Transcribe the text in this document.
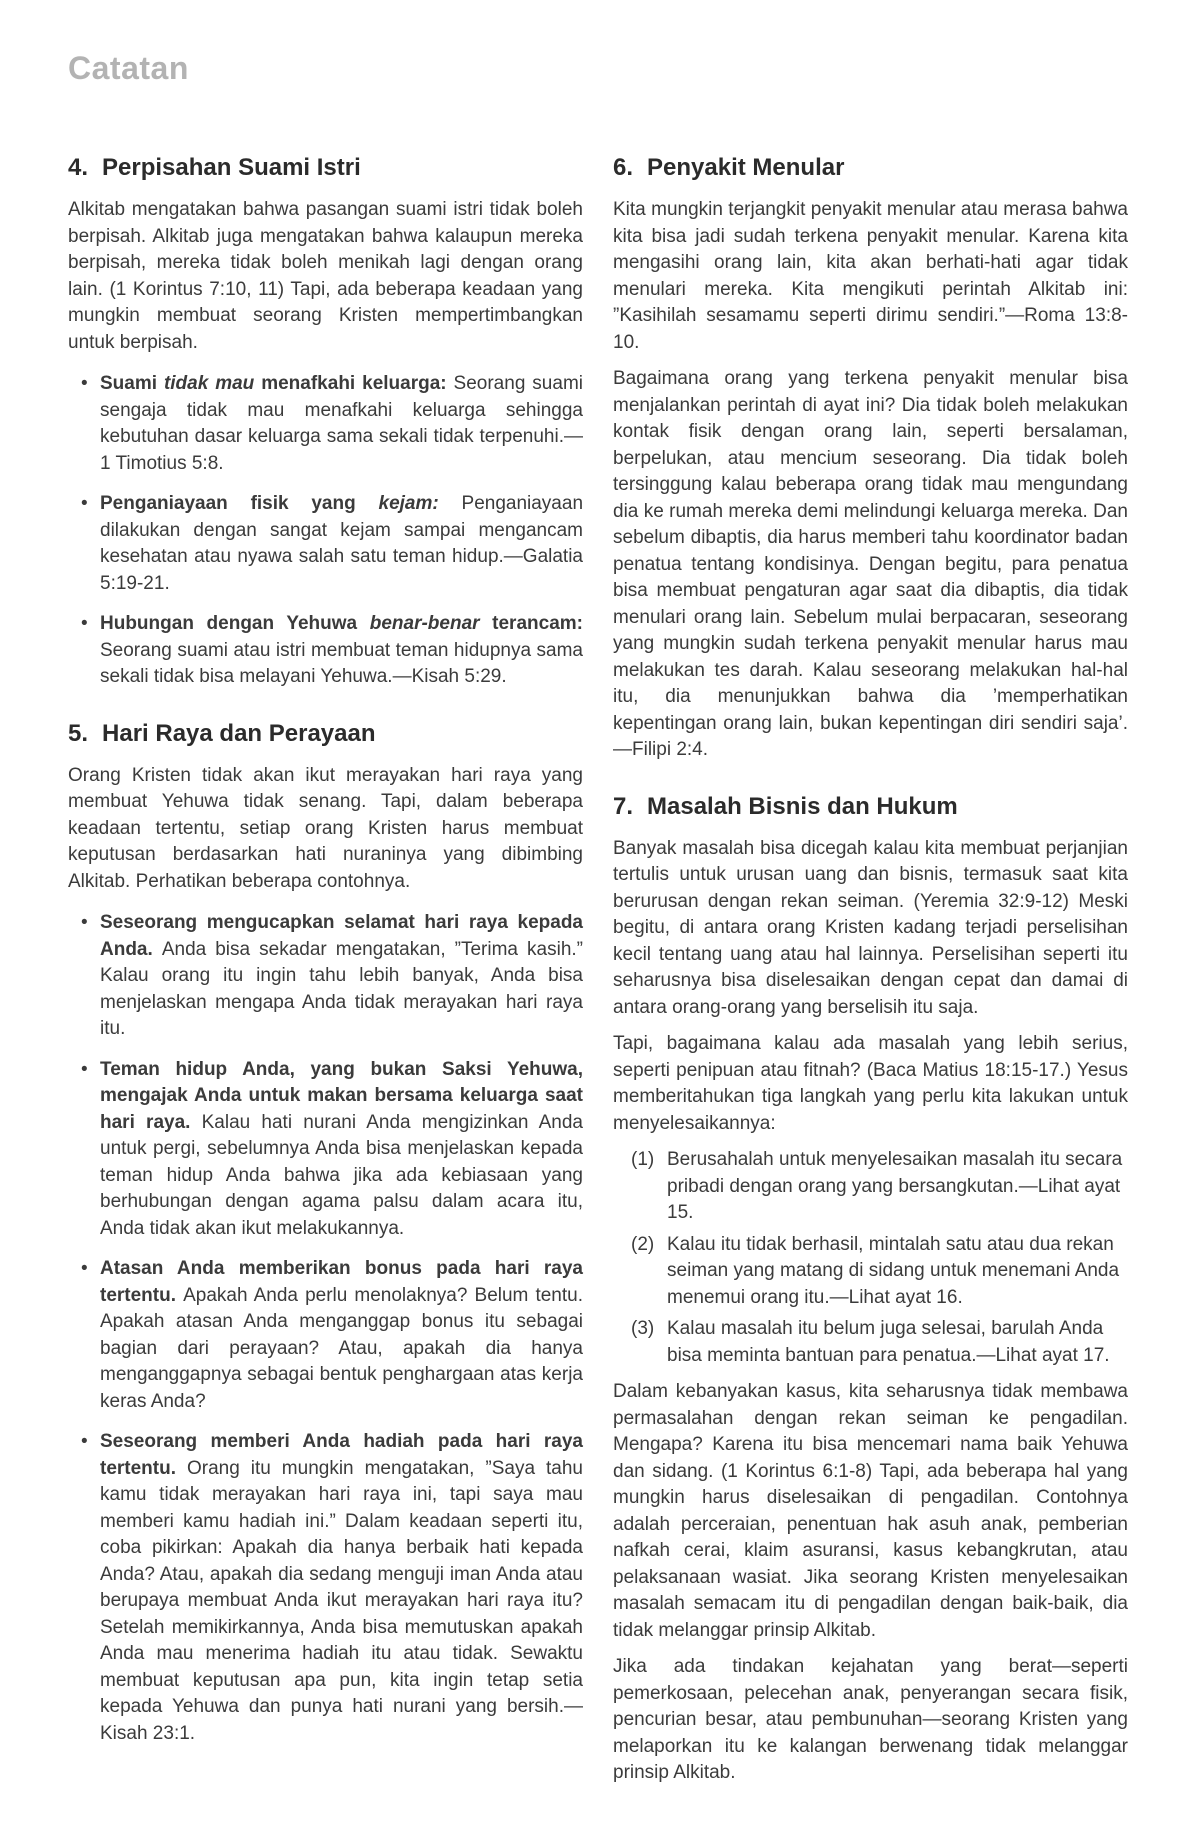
Catatan
4. Perpisahan Suami Istri

Alkitab mengatakan bahwa pasangan suami istri tidak boleh berpisah. Alkitab juga mengatakan bahwa kalaupun mereka berpisah, mereka tidak boleh menikah lagi dengan orang lain. (1 Korintus 7:10, 11) Tapi, ada beberapa keadaan yang mungkin membuat seorang Kristen mempertimbangkan untuk berpisah.

• Suami tidak mau menafkahi keluarga: Seorang suami sengaja tidak mau menafkahi keluarga sehingga kebutuhan dasar keluarga sama sekali tidak terpenuhi.—1 Timotius 5:8.
• Penganiayaan fisik yang kejam: Penganiayaan dilakukan dengan sangat kejam sampai mengancam kesehatan atau nyawa salah satu teman hidup.—Galatia 5:19-21.
• Hubungan dengan Yehuwa benar-benar terancam: Seorang suami atau istri membuat teman hidupnya sama sekali tidak bisa melayani Yehuwa.—Kisah 5:29.
5. Hari Raya dan Perayaan

Orang Kristen tidak akan ikut merayakan hari raya yang membuat Yehuwa tidak senang. Tapi, dalam beberapa keadaan tertentu, setiap orang Kristen harus membuat keputusan berdasarkan hati nuraninya yang dibimbing Alkitab. Perhatikan beberapa contohnya.

• Seseorang mengucapkan selamat hari raya kepada Anda. Anda bisa sekadar mengatakan, ”Terima kasih.” Kalau orang itu ingin tahu lebih banyak, Anda bisa menjelaskan mengapa Anda tidak merayakan hari raya itu.
• Teman hidup Anda, yang bukan Saksi Yehuwa, mengajak Anda untuk makan bersama keluarga saat hari raya. Kalau hati nurani Anda mengizinkan Anda untuk pergi, sebelumnya Anda bisa menjelaskan kepada teman hidup Anda bahwa jika ada kebiasaan yang berhubungan dengan agama palsu dalam acara itu, Anda tidak akan ikut melakukannya.
• Atasan Anda memberikan bonus pada hari raya tertentu. Apakah Anda perlu menolaknya? Belum tentu. Apakah atasan Anda menganggap bonus itu sebagai bagian dari perayaan? Atau, apakah dia hanya menganggapnya sebagai bentuk penghargaan atas kerja keras Anda?
• Seseorang memberi Anda hadiah pada hari raya tertentu. Orang itu mungkin mengatakan, ”Saya tahu kamu tidak merayakan hari raya ini, tapi saya mau memberi kamu hadiah ini.” Dalam keadaan seperti itu, coba pikirkan: Apakah dia hanya berbaik hati kepada Anda? Atau, apakah dia sedang menguji iman Anda atau berupaya membuat Anda ikut merayakan hari raya itu? Setelah memikirkannya, Anda bisa memutuskan apakah Anda mau menerima hadiah itu atau tidak. Sewaktu membuat keputusan apa pun, kita ingin tetap setia kepada Yehuwa dan punya hati nurani yang bersih.—Kisah 23:1.
6. Penyakit Menular

Kita mungkin terjangkit penyakit menular atau merasa bahwa kita bisa jadi sudah terkena penyakit menular. Karena kita mengasihi orang lain, kita akan berhati-hati agar tidak menulari mereka. Kita mengikuti perintah Alkitab ini: ”Kasihilah sesamamu seperti dirimu sendiri.”—Roma 13:8-10.

Bagaimana orang yang terkena penyakit menular bisa menjalankan perintah di ayat ini? Dia tidak boleh melakukan kontak fisik dengan orang lain, seperti bersalaman, berpelukan, atau mencium seseorang. Dia tidak boleh tersinggung kalau beberapa orang tidak mau mengundang dia ke rumah mereka demi melindungi keluarga mereka. Dan sebelum dibaptis, dia harus memberi tahu koordinator badan penatua tentang kondisinya. Dengan begitu, para penatua bisa membuat pengaturan agar saat dia dibaptis, dia tidak menulari orang lain. Sebelum mulai berpacaran, seseorang yang mungkin sudah terkena penyakit menular harus mau melakukan tes darah. Kalau seseorang melakukan hal-hal itu, dia menunjukkan bahwa dia ’memperhatikan kepentingan orang lain, bukan kepentingan diri sendiri saja’.—Filipi 2:4.

7. Masalah Bisnis dan Hukum

Banyak masalah bisa dicegah kalau kita membuat perjanjian tertulis untuk urusan uang dan bisnis, termasuk saat kita berurusan dengan rekan seiman. (Yeremia 32:9-12) Meski begitu, di antara orang Kristen kadang terjadi perselisihan kecil tentang uang atau hal lainnya. Perselisihan seperti itu seharusnya bisa diselesaikan dengan cepat dan damai di antara orang-orang yang berselisih itu saja.

Tapi, bagaimana kalau ada masalah yang lebih serius, seperti penipuan atau fitnah? (Baca Matius 18:15-17.) Yesus memberitahukan tiga langkah yang perlu kita lakukan untuk menyelesaikannya:

(1) Berusahalah untuk menyelesaikan masalah itu secara pribadi dengan orang yang bersangkutan.—Lihat ayat 15.
(2) Kalau itu tidak berhasil, mintalah satu atau dua rekan seiman yang matang di sidang untuk menemani Anda menemui orang itu.—Lihat ayat 16.
(3) Kalau masalah itu belum juga selesai, barulah Anda bisa meminta bantuan para penatua.—Lihat ayat 17.

Dalam kebanyakan kasus, kita seharusnya tidak membawa permasalahan dengan rekan seiman ke pengadilan. Mengapa? Karena itu bisa mencemari nama baik Yehuwa dan sidang. (1 Korintus 6:1-8) Tapi, ada beberapa hal yang mungkin harus diselesaikan di pengadilan. Contohnya adalah perceraian, penentuan hak asuh anak, pemberian nafkah cerai, klaim asuransi, kasus kebangkrutan, atau pelaksanaan wasiat. Jika seorang Kristen menyelesaikan masalah semacam itu di pengadilan dengan baik-baik, dia tidak melanggar prinsip Alkitab.

Jika ada tindakan kejahatan yang berat—seperti pemerkosaan, pelecehan anak, penyerangan secara fisik, pencurian besar, atau pembunuhan—seorang Kristen yang melaporkan itu ke kalangan berwenang tidak melanggar prinsip Alkitab.
